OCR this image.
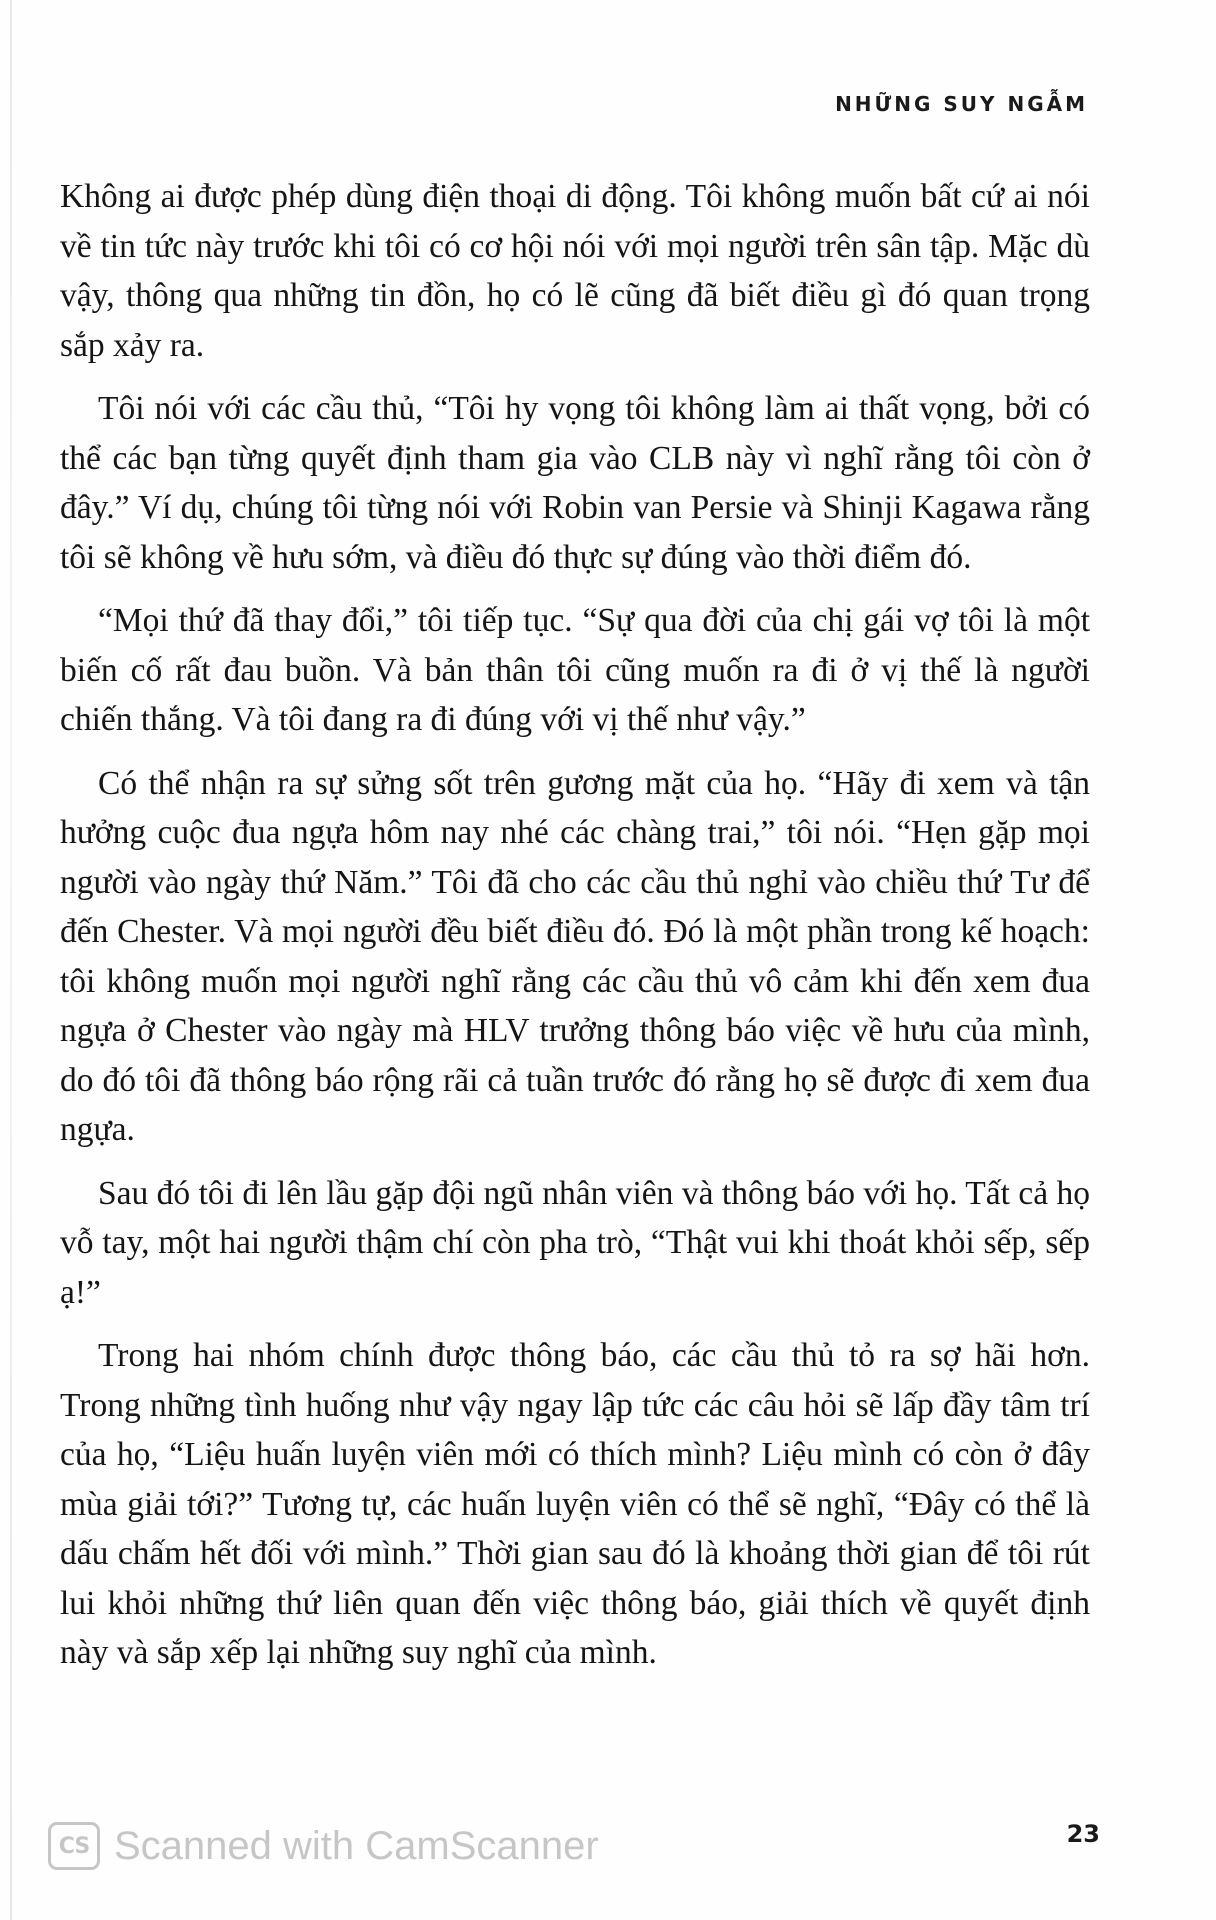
NHỮNG SUY NGẪM

Không ai được phép dùng điện thoại di động. Tôi không muốn bất cứ ai nói về tin tức này trước khi tôi có cơ hội nói với mọi người trên sân tập. Mặc dù vậy, thông qua những tin đồn, họ có lẽ cũng đã biết điều gì đó quan trọng sắp xảy ra.

Tôi nói với các cầu thủ, “Tôi hy vọng tôi không làm ai thất vọng, bởi có thể các bạn từng quyết định tham gia vào CLB này vì nghĩ rằng tôi còn ở đây.” Ví dụ, chúng tôi từng nói với Robin van Persie và Shinji Kagawa rằng tôi sẽ không về hưu sớm, và điều đó thực sự đúng vào thời điểm đó.

“Mọi thứ đã thay đổi,” tôi tiếp tục. “Sự qua đời của chị gái vợ tôi là một biến cố rất đau buồn. Và bản thân tôi cũng muốn ra đi ở vị thế là người chiến thắng. Và tôi đang ra đi đúng với vị thế như vậy.”

Có thể nhận ra sự sửng sốt trên gương mặt của họ. “Hãy đi xem và tận hưởng cuộc đua ngựa hôm nay nhé các chàng trai,” tôi nói. “Hẹn gặp mọi người vào ngày thứ Năm.” Tôi đã cho các cầu thủ nghỉ vào chiều thứ Tư để đến Chester. Và mọi người đều biết điều đó. Đó là một phần trong kế hoạch: tôi không muốn mọi người nghĩ rằng các cầu thủ vô cảm khi đến xem đua ngựa ở Chester vào ngày mà HLV trưởng thông báo việc về hưu của mình, do đó tôi đã thông báo rộng rãi cả tuần trước đó rằng họ sẽ được đi xem đua ngựa.

Sau đó tôi đi lên lầu gặp đội ngũ nhân viên và thông báo với họ. Tất cả họ vỗ tay, một hai người thậm chí còn pha trò, “Thật vui khi thoát khỏi sếp, sếp ạ!”

Trong hai nhóm chính được thông báo, các cầu thủ tỏ ra sợ hãi hơn. Trong những tình huống như vậy ngay lập tức các câu hỏi sẽ lấp đầy tâm trí của họ, “Liệu huấn luyện viên mới có thích mình? Liệu mình có còn ở đây mùa giải tới?” Tương tự, các huấn luyện viên có thể sẽ nghĩ, “Đây có thể là dấu chấm hết đối với mình.” Thời gian sau đó là khoảng thời gian để tôi rút lui khỏi những thứ liên quan đến việc thông báo, giải thích về quyết định này và sắp xếp lại những suy nghĩ của mình.

CS Scanned with CamScanner	23
